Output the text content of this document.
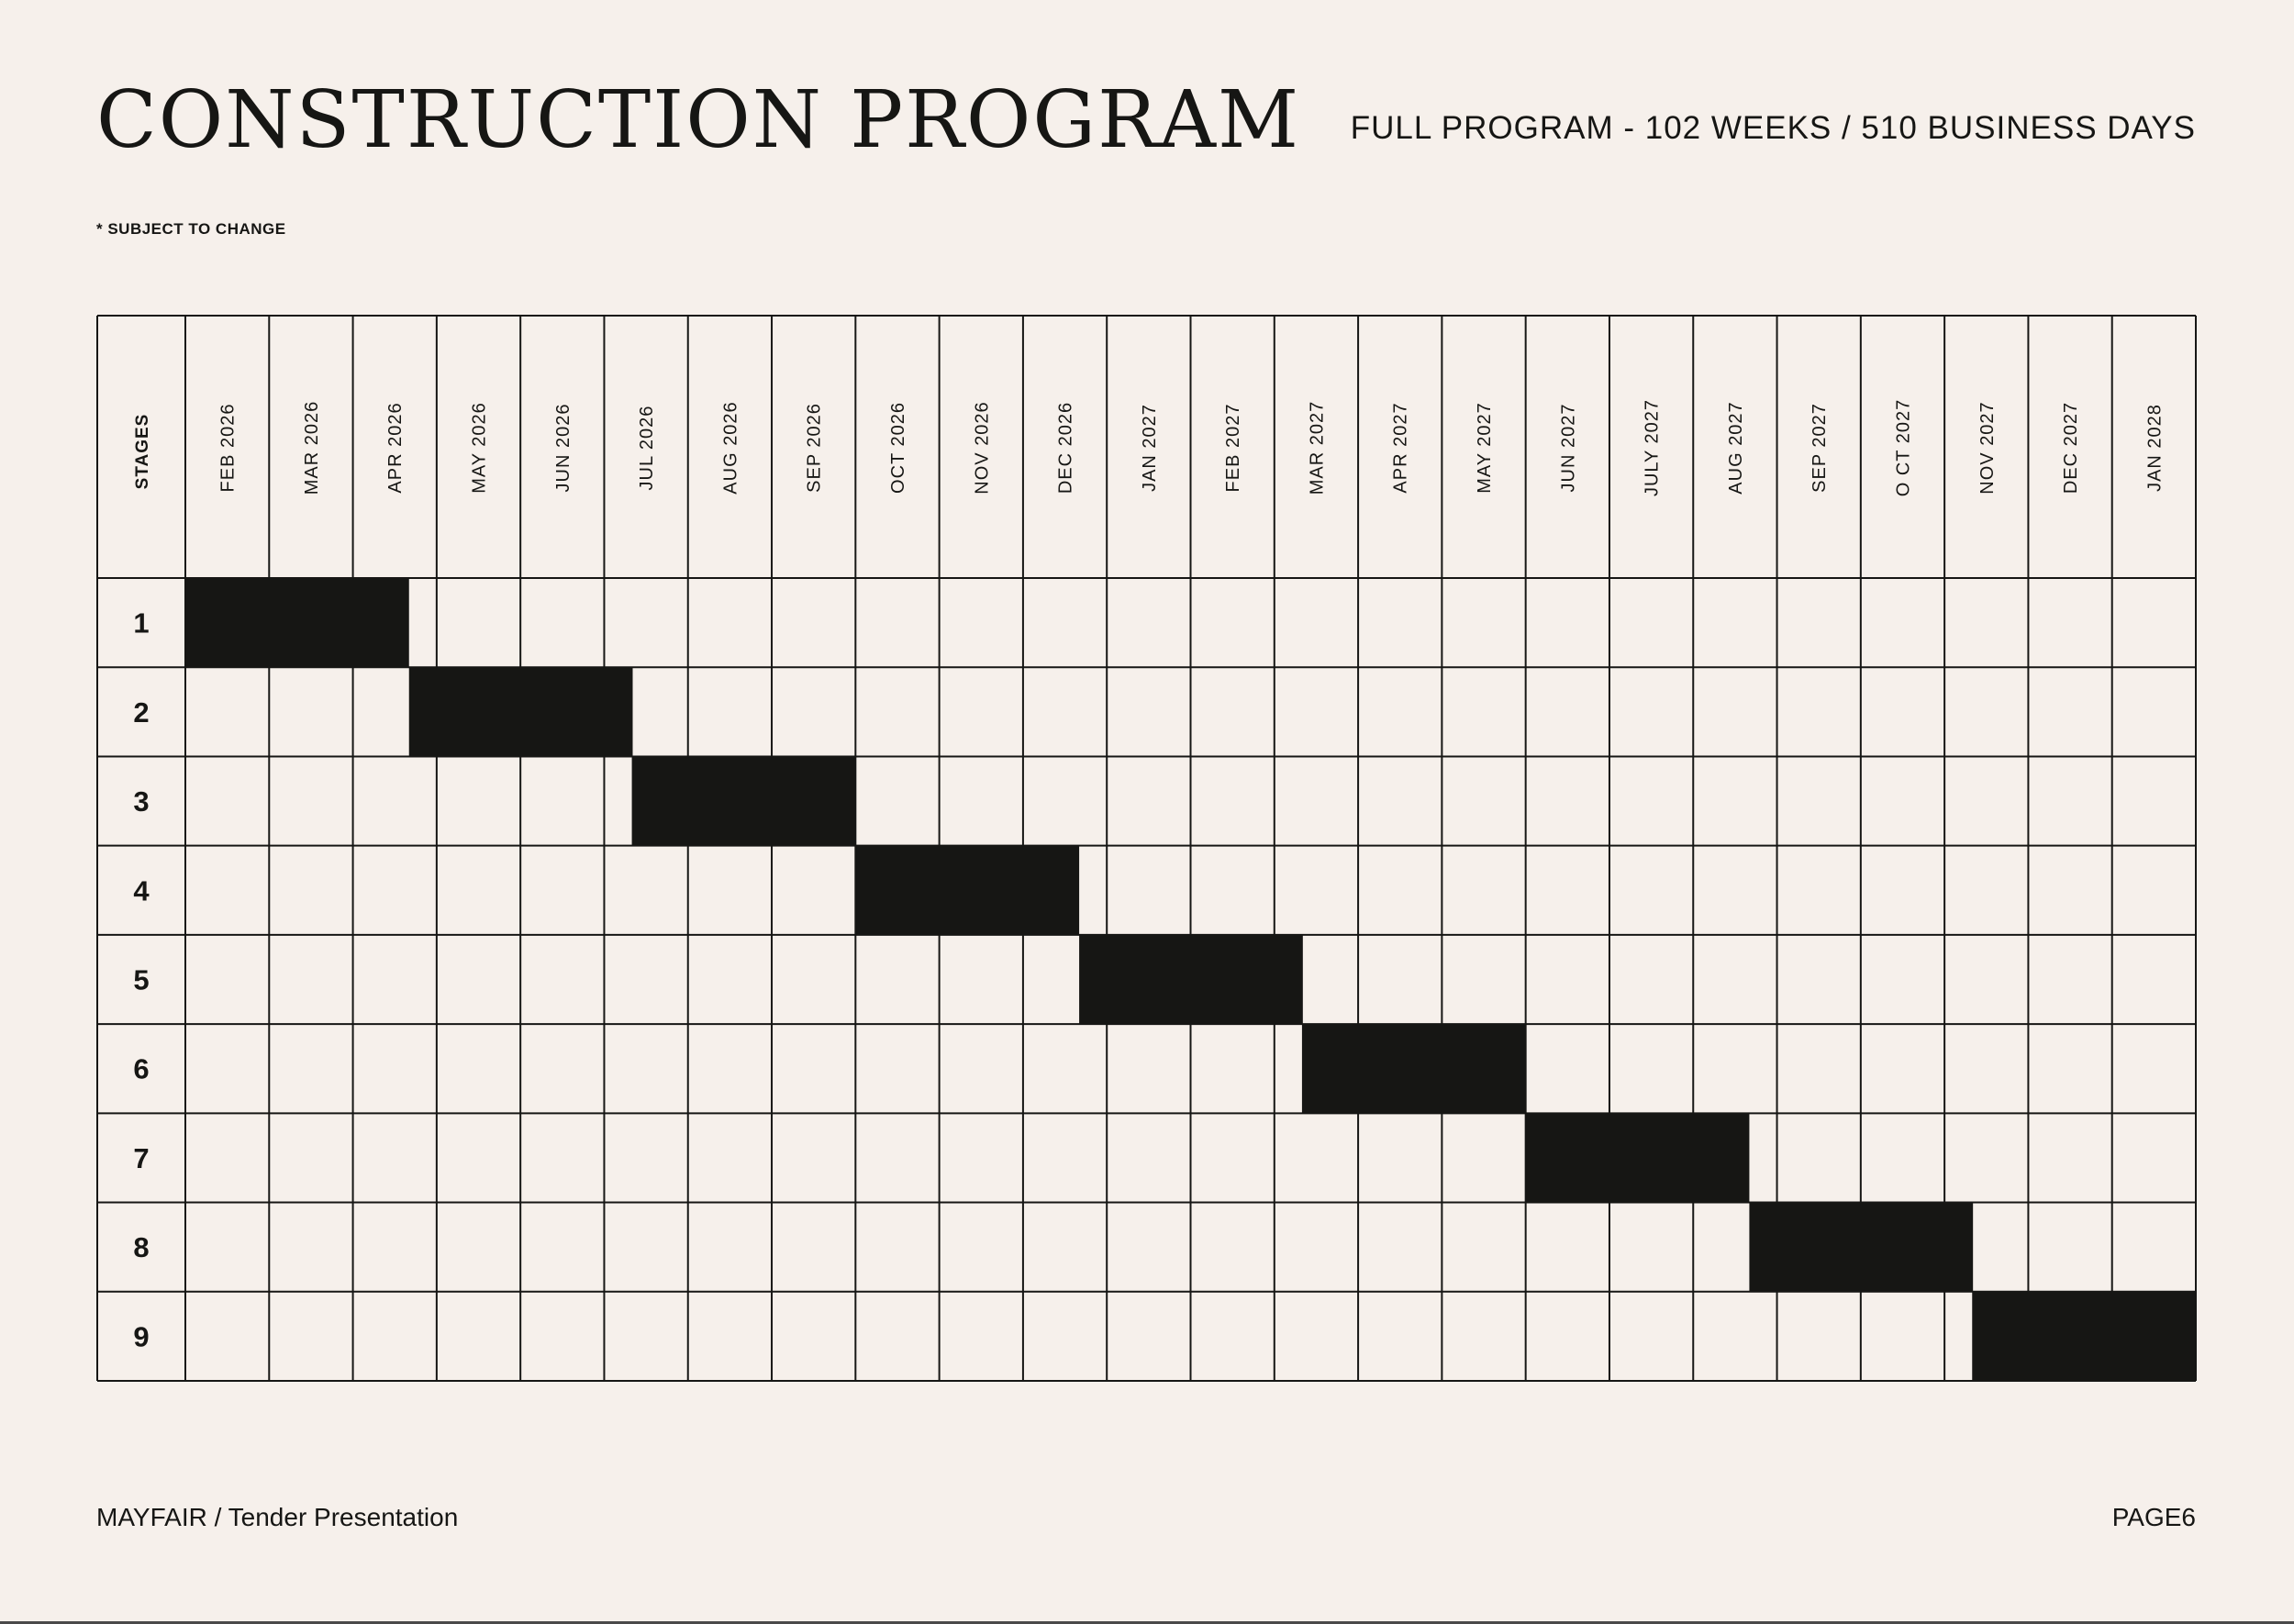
CONSTRUCTION PROGRAM FULL PROGRAM - 102 WEEKS / 510 BUSINESS DAYS
* SUBJECT TO CHANGE
STAGES	FEB 2026	MAR 2026	APR 2026	MAY 2026	JUN 2026	JUL 2026	AUG 2026	SEP 2026	OCT 2026	NOV 2026	DEC 2026	JAN 2027	FEB 2027	MAR 2027	APR 2027	MAY 2027	JUN 2027	JULY 2027	AUG 2027	SEP 2027	O CT 2027	NOV 2027	DEC 2027	JAN 2028
1
2
3
4
5
6
7
8
9
MAYFAIR / Tender Presentation	PAGE6
